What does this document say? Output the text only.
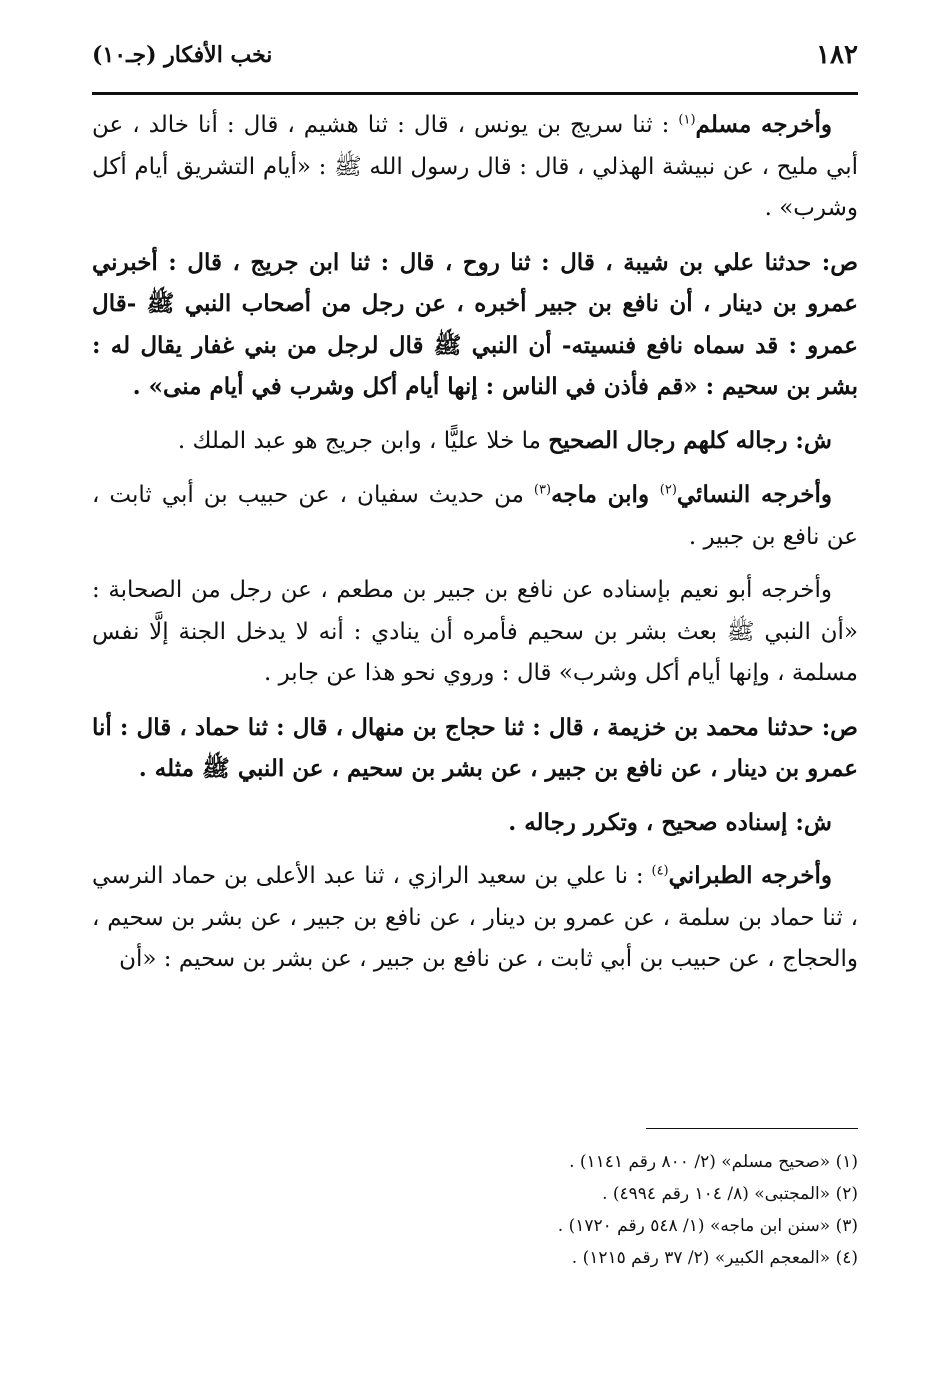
١٨٢
نخب الأفكار (جـ١٠)

وأخرجه مسلم$^{(١)}$ : ثنا سريج بن يونس ، قال : ثنا هشيم ، قال : أنا خالد ، عن أبي مليح ، عن نبيشة الهذلي ، قال : قال رسول الله ﷺ : «أيام التشريق أيام أكل وشرب» .

ص: حدثنا علي بن شيبة ، قال : ثنا روح ، قال : ثنا ابن جريج ، قال : أخبرني عمرو بن دينار ، أن نافع بن جبير أخبره ، عن رجل من أصحاب النبي ﷺ -قال عمرو : قد سماه نافع فنسيته- أن النبي ﷺ قال لرجل من بني غفار يقال له : بشر بن سحيم : «قم فأذن في الناس : إنها أيام أكل وشرب في أيام منى» .

ش: رجاله كلهم رجال الصحيح ما خلا عليًّا ، وابن جريج هو عبد الملك .

وأخرجه النسائي$^{(٢)}$ وابن ماجه$^{(٣)}$ من حديث سفيان ، عن حبيب بن أبي ثابت ، عن نافع بن جبير .

وأخرجه أبو نعيم بإسناده عن نافع بن جبير بن مطعم ، عن رجل من الصحابة : «أن النبي ﷺ بعث بشر بن سحيم فأمره أن ينادي : أنه لا يدخل الجنة إلَّا نفس مسلمة ، وإنها أيام أكل وشرب» قال : وروي نحو هذا عن جابر .

ص: حدثنا محمد بن خزيمة ، قال : ثنا حجاج بن منهال ، قال : ثنا حماد ، قال : أنا عمرو بن دينار ، عن نافع بن جبير ، عن بشر بن سحيم ، عن النبي ﷺ مثله .

ش: إسناده صحيح ، وتكرر رجاله .

وأخرجه الطبراني$^{(٤)}$ : نا علي بن سعيد الرازي ، ثنا عبد الأعلى بن حماد النرسي ، ثنا حماد بن سلمة ، عن عمرو بن دينار ، عن نافع بن جبير ، عن بشر بن سحيم ، والحجاج ، عن حبيب بن أبي ثابت ، عن نافع بن جبير ، عن بشر بن سحيم : «أن

(١) «صحيح مسلم» (٢/ ٨٠٠ رقم ١١٤١) .
(٢) «المجتبى» (٨/ ١٠٤ رقم ٤٩٩٤) .
(٣) «سنن ابن ماجه» (١/ ٥٤٨ رقم ١٧٢٠) .
(٤) «المعجم الكبير» (٢/ ٣٧ رقم ١٢١٥) .
